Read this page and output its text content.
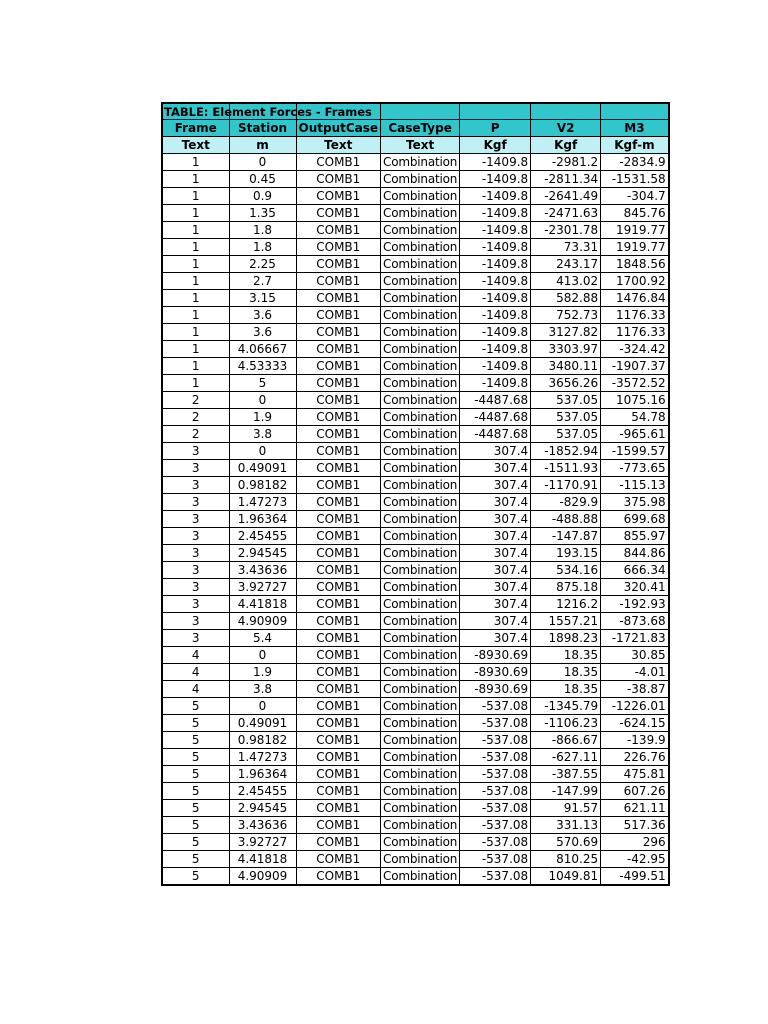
TABLE: Element Forces - Frames						

Frame	Station	OutputCase	CaseType	P	V2	M3
Text	m	Text	Text	Kgf	Kgf	Kgf-m
1	0	COMB1	Combination	-1409.8	-2981.2	-2834.9
1	0.45	COMB1	Combination	-1409.8	-2811.34	-1531.58
1	0.9	COMB1	Combination	-1409.8	-2641.49	-304.7
1	1.35	COMB1	Combination	-1409.8	-2471.63	845.76
1	1.8	COMB1	Combination	-1409.8	-2301.78	1919.77
1	1.8	COMB1	Combination	-1409.8	73.31	1919.77
1	2.25	COMB1	Combination	-1409.8	243.17	1848.56
1	2.7	COMB1	Combination	-1409.8	413.02	1700.92
1	3.15	COMB1	Combination	-1409.8	582.88	1476.84
1	3.6	COMB1	Combination	-1409.8	752.73	1176.33
1	3.6	COMB1	Combination	-1409.8	3127.82	1176.33
1	4.06667	COMB1	Combination	-1409.8	3303.97	-324.42
1	4.53333	COMB1	Combination	-1409.8	3480.11	-1907.37
1	5	COMB1	Combination	-1409.8	3656.26	-3572.52
2	0	COMB1	Combination	-4487.68	537.05	1075.16
2	1.9	COMB1	Combination	-4487.68	537.05	54.78
2	3.8	COMB1	Combination	-4487.68	537.05	-965.61
3	0	COMB1	Combination	307.4	-1852.94	-1599.57
3	0.49091	COMB1	Combination	307.4	-1511.93	-773.65
3	0.98182	COMB1	Combination	307.4	-1170.91	-115.13
3	1.47273	COMB1	Combination	307.4	-829.9	375.98
3	1.96364	COMB1	Combination	307.4	-488.88	699.68
3	2.45455	COMB1	Combination	307.4	-147.87	855.97
3	2.94545	COMB1	Combination	307.4	193.15	844.86
3	3.43636	COMB1	Combination	307.4	534.16	666.34
3	3.92727	COMB1	Combination	307.4	875.18	320.41
3	4.41818	COMB1	Combination	307.4	1216.2	-192.93
3	4.90909	COMB1	Combination	307.4	1557.21	-873.68
3	5.4	COMB1	Combination	307.4	1898.23	-1721.83
4	0	COMB1	Combination	-8930.69	18.35	30.85
4	1.9	COMB1	Combination	-8930.69	18.35	-4.01
4	3.8	COMB1	Combination	-8930.69	18.35	-38.87
5	0	COMB1	Combination	-537.08	-1345.79	-1226.01
5	0.49091	COMB1	Combination	-537.08	-1106.23	-624.15
5	0.98182	COMB1	Combination	-537.08	-866.67	-139.9
5	1.47273	COMB1	Combination	-537.08	-627.11	226.76
5	1.96364	COMB1	Combination	-537.08	-387.55	475.81
5	2.45455	COMB1	Combination	-537.08	-147.99	607.26
5	2.94545	COMB1	Combination	-537.08	91.57	621.11
5	3.43636	COMB1	Combination	-537.08	331.13	517.36
5	3.92727	COMB1	Combination	-537.08	570.69	296
5	4.41818	COMB1	Combination	-537.08	810.25	-42.95
5	4.90909	COMB1	Combination	-537.08	1049.81	-499.51
